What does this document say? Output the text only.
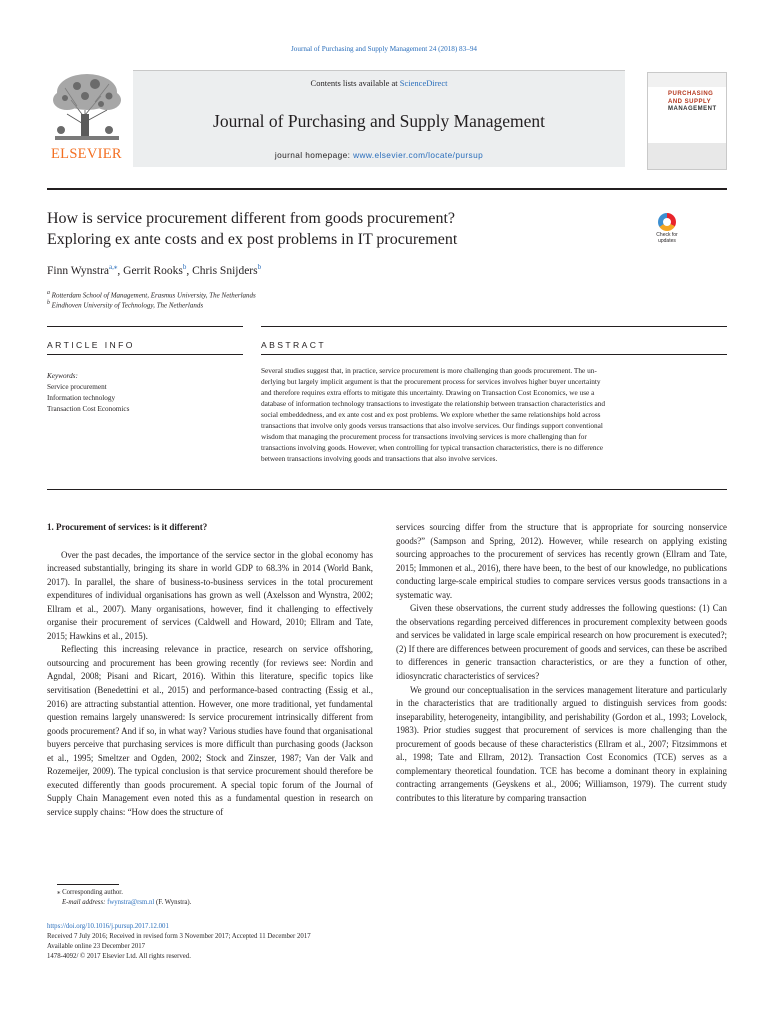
Journal of Purchasing and Supply Management 24 (2018) 83–94
ELSEVIER
Contents lists available at ScienceDirect
Journal of Purchasing and Supply Management
journal homepage: www.elsevier.com/locate/pursup
PURCHASING
AND SUPPLY
MANAGEMENT
How is service procurement different from goods procurement?
Exploring ex ante costs and ex post problems in IT procurement	Check for
updates
Finn Wynstra$^{a,⁎}$, Gerrit Rooks$^b$, Chris Snijders$^b$
$^a$ Rotterdam School of Management, Erasmus University, The Netherlands
$^b$ Eindhoven University of Technology, The Netherlands
ARTICLE INFO	ABSTRACT
Keywords:
Service procurement
Information technology
Transaction Cost Economics
Several studies suggest that, in practice, service procurement is more challenging than goods procurement. The un-
derlying but largely implicit argument is that the procurement process for services involves higher buyer uncertainty
and therefore requires extra efforts to mitigate this uncertainty. Drawing on Transaction Cost Economics, we use a
database of information technology transactions to investigate the relationship between transaction characteristics and
social embeddedness, and ex ante cost and ex post problems. We explore whether the same relationships hold across
transactions that involve only goods versus transactions that also involve services. Our findings support conventional
wisdom that managing the procurement process for transactions involving services is more challenging than for
transactions involving goods. However, when controlling for typical transaction characteristics, there is no difference
between transactions involving goods and transactions that also involve services.
1. Procurement of services: is it different?

Over the past decades, the importance of the service sector in the global economy has increased substantially, bringing its share in world GDP to 68.3% in 2014 (World Bank, 2017). In parallel, the share of business-to-business services in the total procurement expenditures of individual organisations has grown as well (Axelsson and Wynstra, 2002; Ellram et al., 2007). Many organisations, however, find it challenging to effectively organise their procurement of services (Caldwell and Howard, 2010; Ellram and Tate, 2015; Hawkins et al., 2015).

Reflecting this increasing relevance in practice, research on service offshoring, outsourcing and procurement has been growing recently (for reviews see: Nordin and Agndal, 2008; Pisani and Ricart, 2016). Within this literature, specific topics like servitisation (Benedettini et al., 2015) and performance-based contracting (Essig et al., 2016) are attracting substantial attention. However, one more traditional, yet fundamental question remains largely unanswered: Is service procurement intrinsically different from goods procurement? And if so, in what way? Various studies have found that organisational buyers perceive that purchasing services is more difficult than purchasing goods (Jackson et al., 1995; Smeltzer and Ogden, 2002; Stock and Zinszer, 1987; Van der Valk and Rozemeijer, 2009). The typical conclusion is that service procurement should therefore be executed differently than goods procurement. A special topic forum of the Journal of Supply Chain Management even noted this as a fundamental question in research on service supply chains: “How does the structure of

services sourcing differ from the structure that is appropriate for sourcing nonservice goods?” (Sampson and Spring, 2012). However, while research on applying existing sourcing approaches to the procurement of services has recently grown (Ellram and Tate, 2015; Immonen et al., 2016), there have been, to the best of our knowledge, no publications conducting large-scale empirical studies to compare services versus goods transactions in a systematic way.

Given these observations, the current study addresses the following questions: (1) Can the observations regarding perceived differences in procurement complexity between goods and services be validated in large scale empirical research on how procurement is executed?; (2) If there are differences between procurement of goods and services, can these be ascribed to differences in generic transaction characteristics, or are they a function of other, idiosyncratic characteristics of services?

We ground our conceptualisation in the services management literature and particularly in the characteristics that are traditionally argued to distinguish services from goods: inseparability, heterogeneity, intangibility, and perishability (Gordon et al., 1993; Lovelock, 1983). Prior studies suggest that procurement of services is more challenging than the procurement of goods because of these characteristics (Ellram et al., 2007; Fitzsimmons et al., 1998; Tate and Ellram, 2012). Transaction Cost Economics (TCE) serves as a complementary theoretical foundation. TCE has become a dominant theory in explaining contracting arrangements (Geyskens et al., 2006; Williamson, 1979). The current study contributes to this literature by comparing transaction

⁎ Corresponding author.
E-mail address: fwynstra@rsm.nl (F. Wynstra).
https://doi.org/10.1016/j.pursup.2017.12.001
Received 7 July 2016; Received in revised form 3 November 2017; Accepted 11 December 2017
Available online 23 December 2017
1478-4092/ © 2017 Elsevier Ltd. All rights reserved.
